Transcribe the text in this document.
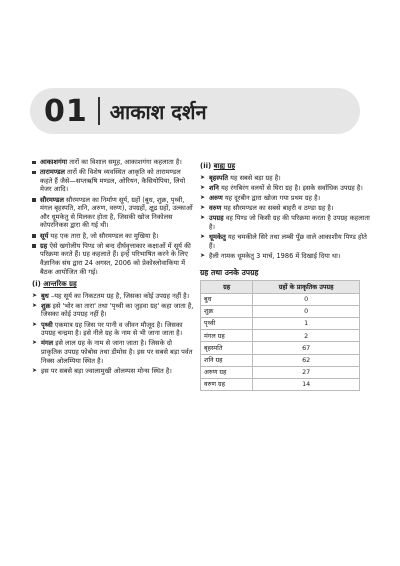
01 आकाश दर्शन
आकाशगंगा तारों का विशाल समूह, आकाशगंगा कहलाता है।
तारामण्डल तारों की विशेष व्यवस्थित आकृति को तारामण्डल कहते हैं जैसे—सप्तऋषि मण्डल, ओरियन, कैसियोपिया, लियो मेजर आदि।
सौरमण्डल सौरमण्डल का निर्माण सूर्य, ग्रहों (बुध, शुक्र, पृथ्वी, मंगल बृहस्पति, शनि, अरुण, वरुण), उपग्रहों, क्षुद्र ग्रहों, उल्काओं और धूमकेतु से मिलकर होता है, जिसकी खोज निकोलस कोपरनिकस द्वारा की गई थी।
सूर्य यह एक तारा है, जो सौरमण्डल का मुखिया है।
ग्रह ऐसे खगोलीय पिण्ड जो बन्द दीर्घवृत्ताकार कक्षाओं में सूर्य की परिक्रमा करते हैं। ग्रह कहलाते हैं। इन्हें परिभाषित करने के लिए वैज्ञानिक संघ द्वारा 24 अगस्त, 2006 को प्रेकोस्लोवाकिया में बैठक आयोजित की गई।
(i) आन्तरिक ग्रह
➤ बुध –यह सूर्य का निकटतम ग्रह है, जिसका कोई उपग्रह नहीं है।
➤ शुक्र इसे 'भोर का तारा' तथा 'पृथ्वी का जुड़वा ग्रह' कहा जाता है, जिसका कोई उपग्रह नहीं है।
➤ पृथ्वी एकमात्र ग्रह जिस पर पानी व जीवन मौजूद है। जिसका उपग्रह चन्द्रमा है। इसे नीले ग्रह के नाम से भी जाना जाता है।
➤ मंगल इसे लाल ग्रह के नाम से जाना जाता है। जिसके दो प्राकृतिक उपग्रह फोबोस तथा डीमोस है। इस पर सबसे बड़ा पर्वत निक्स ओलम्पिया स्थित है।
➤ इस पर सबसे बड़ा ज्वालामुखी ओलम्पस मोन्स स्थित है।
(ii) बाह्य ग्रह
➤ बृहस्पति यह सबसे बड़ा ग्रह है।
➤ शनि यह रंगबिरंग वलयों से घिरा ग्रह है। इसके सर्वाधिक उपग्रह है।
➤ अरुण यह दूरबीन द्वारा खोजा गया प्रथम ग्रह है।
➤ वरुण यह सौरमण्डल का सबसे बाहरी व ठण्डा ग्रह है।
➤ उपग्रह वह पिण्ड जो किसी ग्रह की परिक्रमा करता है उपग्रह कहलाता है।
➤ धूमकेतु यह चमकीले सिरे तथा लम्बी पूँछ वाले आकाशीय पिण्ड होते हैं।
➤ हैली नामक धूमकेतु 3 मार्च, 1986 में दिखाई दिया था।
ग्रह तथा उनके उपग्रह
ग्रह	ग्रहों के प्राकृतिक उपग्रह
बुध	0
शुक्र	0
पृथ्वी	1
मंगल ग्रह	2
बृहस्पति	67
शनि ग्रह	62
अरुण ग्रह	27
वरुण ग्रह	14
